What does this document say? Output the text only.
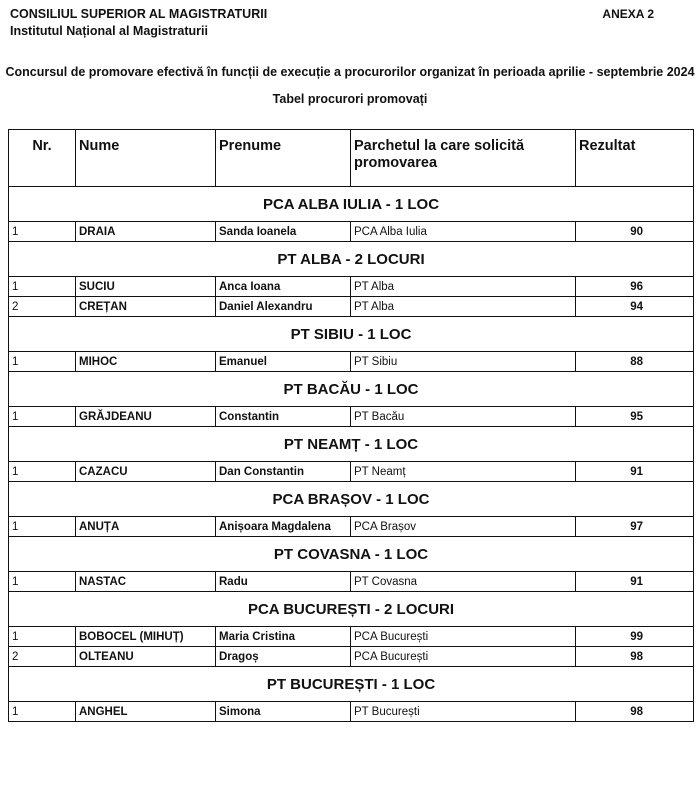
CONSILIUL SUPERIOR AL MAGISTRATURII
Institutul Național al Magistraturii
ANEXA 2
Concursul de promovare efectivă în funcții de execuție a procurorilor organizat în perioada aprilie - septembrie 2024
Tabel procurori promovați
Nr.	Nume	Prenume	Parchetul la care solicită promovarea	Rezultat
PCA ALBA IULIA - 1 LOC				
1	DRAIA	Sanda Ioanela	PCA Alba Iulia	90
PT ALBA - 2 LOCURI				
1	SUCIU	Anca Ioana	PT Alba	96
2	CREȚAN	Daniel Alexandru	PT Alba	94
PT SIBIU - 1 LOC				
1	MIHOC	Emanuel	PT Sibiu	88
PT BACĂU - 1 LOC				
1	GRĂJDEANU	Constantin	PT Bacău	95
PT NEAMȚ - 1 LOC				
1	CAZACU	Dan Constantin	PT Neamț	91
PCA BRAȘOV - 1 LOC				
1	ANUȚA	Anișoara Magdalena	PCA Brașov	97
PT COVASNA - 1 LOC				
1	NASTAC	Radu	PT Covasna	91
PCA BUCUREȘTI - 2 LOCURI				
1	BOBOCEL (MIHUȚ)	Maria Cristina	PCA București	99
2	OLTEANU	Dragoș	PCA București	98
PT BUCUREȘTI - 1 LOC				
1	ANGHEL	Simona	PT București	98
